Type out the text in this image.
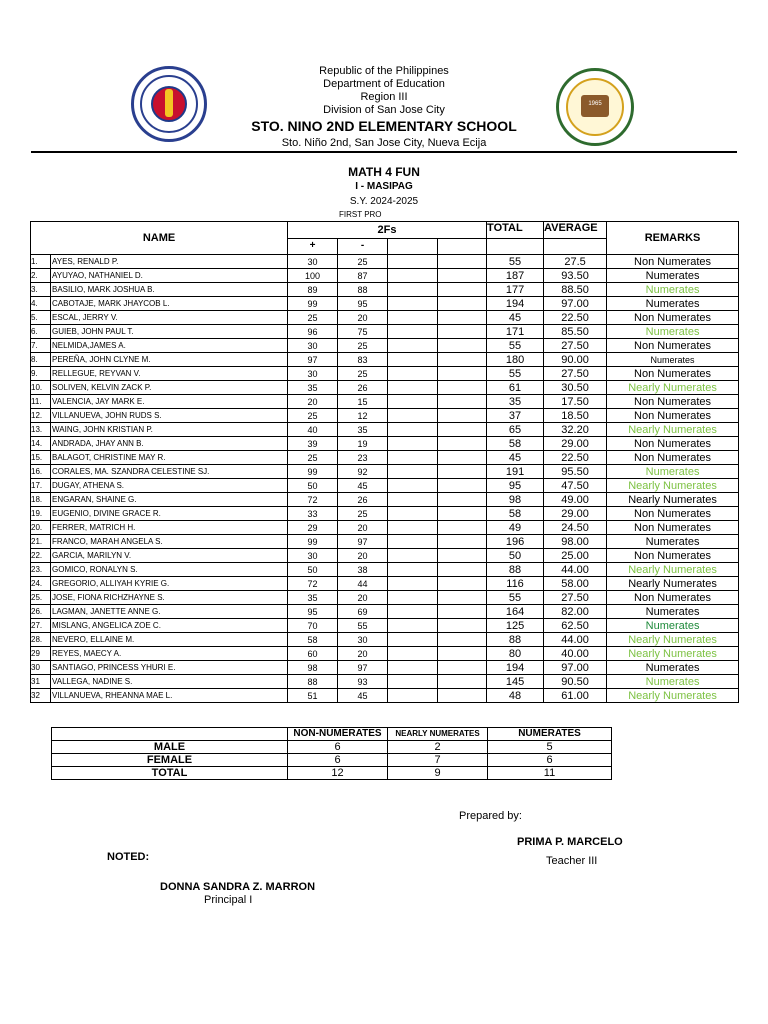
1965
Republic of the Philippines
Department of Education
Region III
Division of San Jose City
STO. NINO 2ND ELEMENTARY SCHOOL
Sto. Niño 2nd, San Jose City, Nueva Ecija
MATH 4 FUN
I - MASIPAG
S.Y. 2024-2025
FIRST PRO
NAME		2Fs				TOTAL	AVERAGE	REMARKS
		+	-					
1.	AYES, RENALD P.	30	25			55	27.5	Non Numerates
2.	AYUYAO, NATHANIEL D.	100	87			187	93.50	Numerates
3.	BASILIO, MARK JOSHUA B.	89	88			177	88.50	Numerates
4.	CABOTAJE, MARK JHAYCOB L.	99	95			194	97.00	Numerates
5.	ESCAL, JERRY V.	25	20			45	22.50	Non Numerates
6.	GUIEB, JOHN PAUL T.	96	75			171	85.50	Numerates
7.	NELMIDA,JAMES A.	30	25			55	27.50	Non Numerates
8.	PEREÑA, JOHN CLYNE M.	97	83			180	90.00	Numerates
9.	RELLEGUE, REYVAN V.	30	25			55	27.50	Non Numerates
10.	SOLIVEN, KELVIN ZACK P.	35	26			61	30.50	Nearly Numerates
11.	VALENCIA, JAY MARK E.	20	15			35	17.50	Non Numerates
12.	VILLANUEVA, JOHN RUDS S.	25	12			37	18.50	Non Numerates
13.	WAING, JOHN KRISTIAN P.	40	35			65	32.20	Nearly Numerates
14.	ANDRADA, JHAY ANN B.	39	19			58	29.00	Non Numerates
15.	BALAGOT, CHRISTINE MAY R.	25	23			45	22.50	Non Numerates
16.	CORALES, MA. SZANDRA CELESTINE SJ.	99	92			191	95.50	Numerates
17.	DUGAY, ATHENA S.	50	45			95	47.50	Nearly Numerates
18.	ENGARAN, SHAINE G.	72	26			98	49.00	Nearly Numerates
19.	EUGENIO, DIVINE GRACE R.	33	25			58	29.00	Non Numerates
20.	FERRER, MATRICH H.	29	20			49	24.50	Non Numerates
21.	FRANCO, MARAH ANGELA S.	99	97			196	98.00	Numerates
22.	GARCIA, MARILYN V.	30	20			50	25.00	Non Numerates
23.	GOMICO, RONALYN S.	50	38			88	44.00	Nearly Numerates
24.	GREGORIO, ALLIYAH KYRIE G.	72	44			116	58.00	Nearly Numerates
25.	JOSE, FIONA RICHZHAYNE S.	35	20			55	27.50	Non Numerates
26.	LAGMAN, JANETTE ANNE G.	95	69			164	82.00	Numerates
27.	MISLANG, ANGELICA ZOE C.	70	55			125	62.50	Numerates
28.	NEVERO, ELLAINE M.	58	30			88	44.00	Nearly Numerates
29	REYES, MAECY A.	60	20			80	40.00	Nearly Numerates
30	SANTIAGO, PRINCESS YHURI E.	98	97			194	97.00	Numerates
31	VALLEGA, NADINE S.	88	93			145	90.50	Numerates
32	VILLANUEVA, RHEANNA MAE L.	51	45			48	61.00	Nearly Numerates
	NON-NUMERATES	NEARLY NUMERATES	NUMERATES
MALE	6	2	5
FEMALE	6	7	6
TOTAL	12	9	11
Prepared by:
PRIMA P. MARCELO
Teacher III
NOTED:
DONNA SANDRA Z. MARRON
Principal I
